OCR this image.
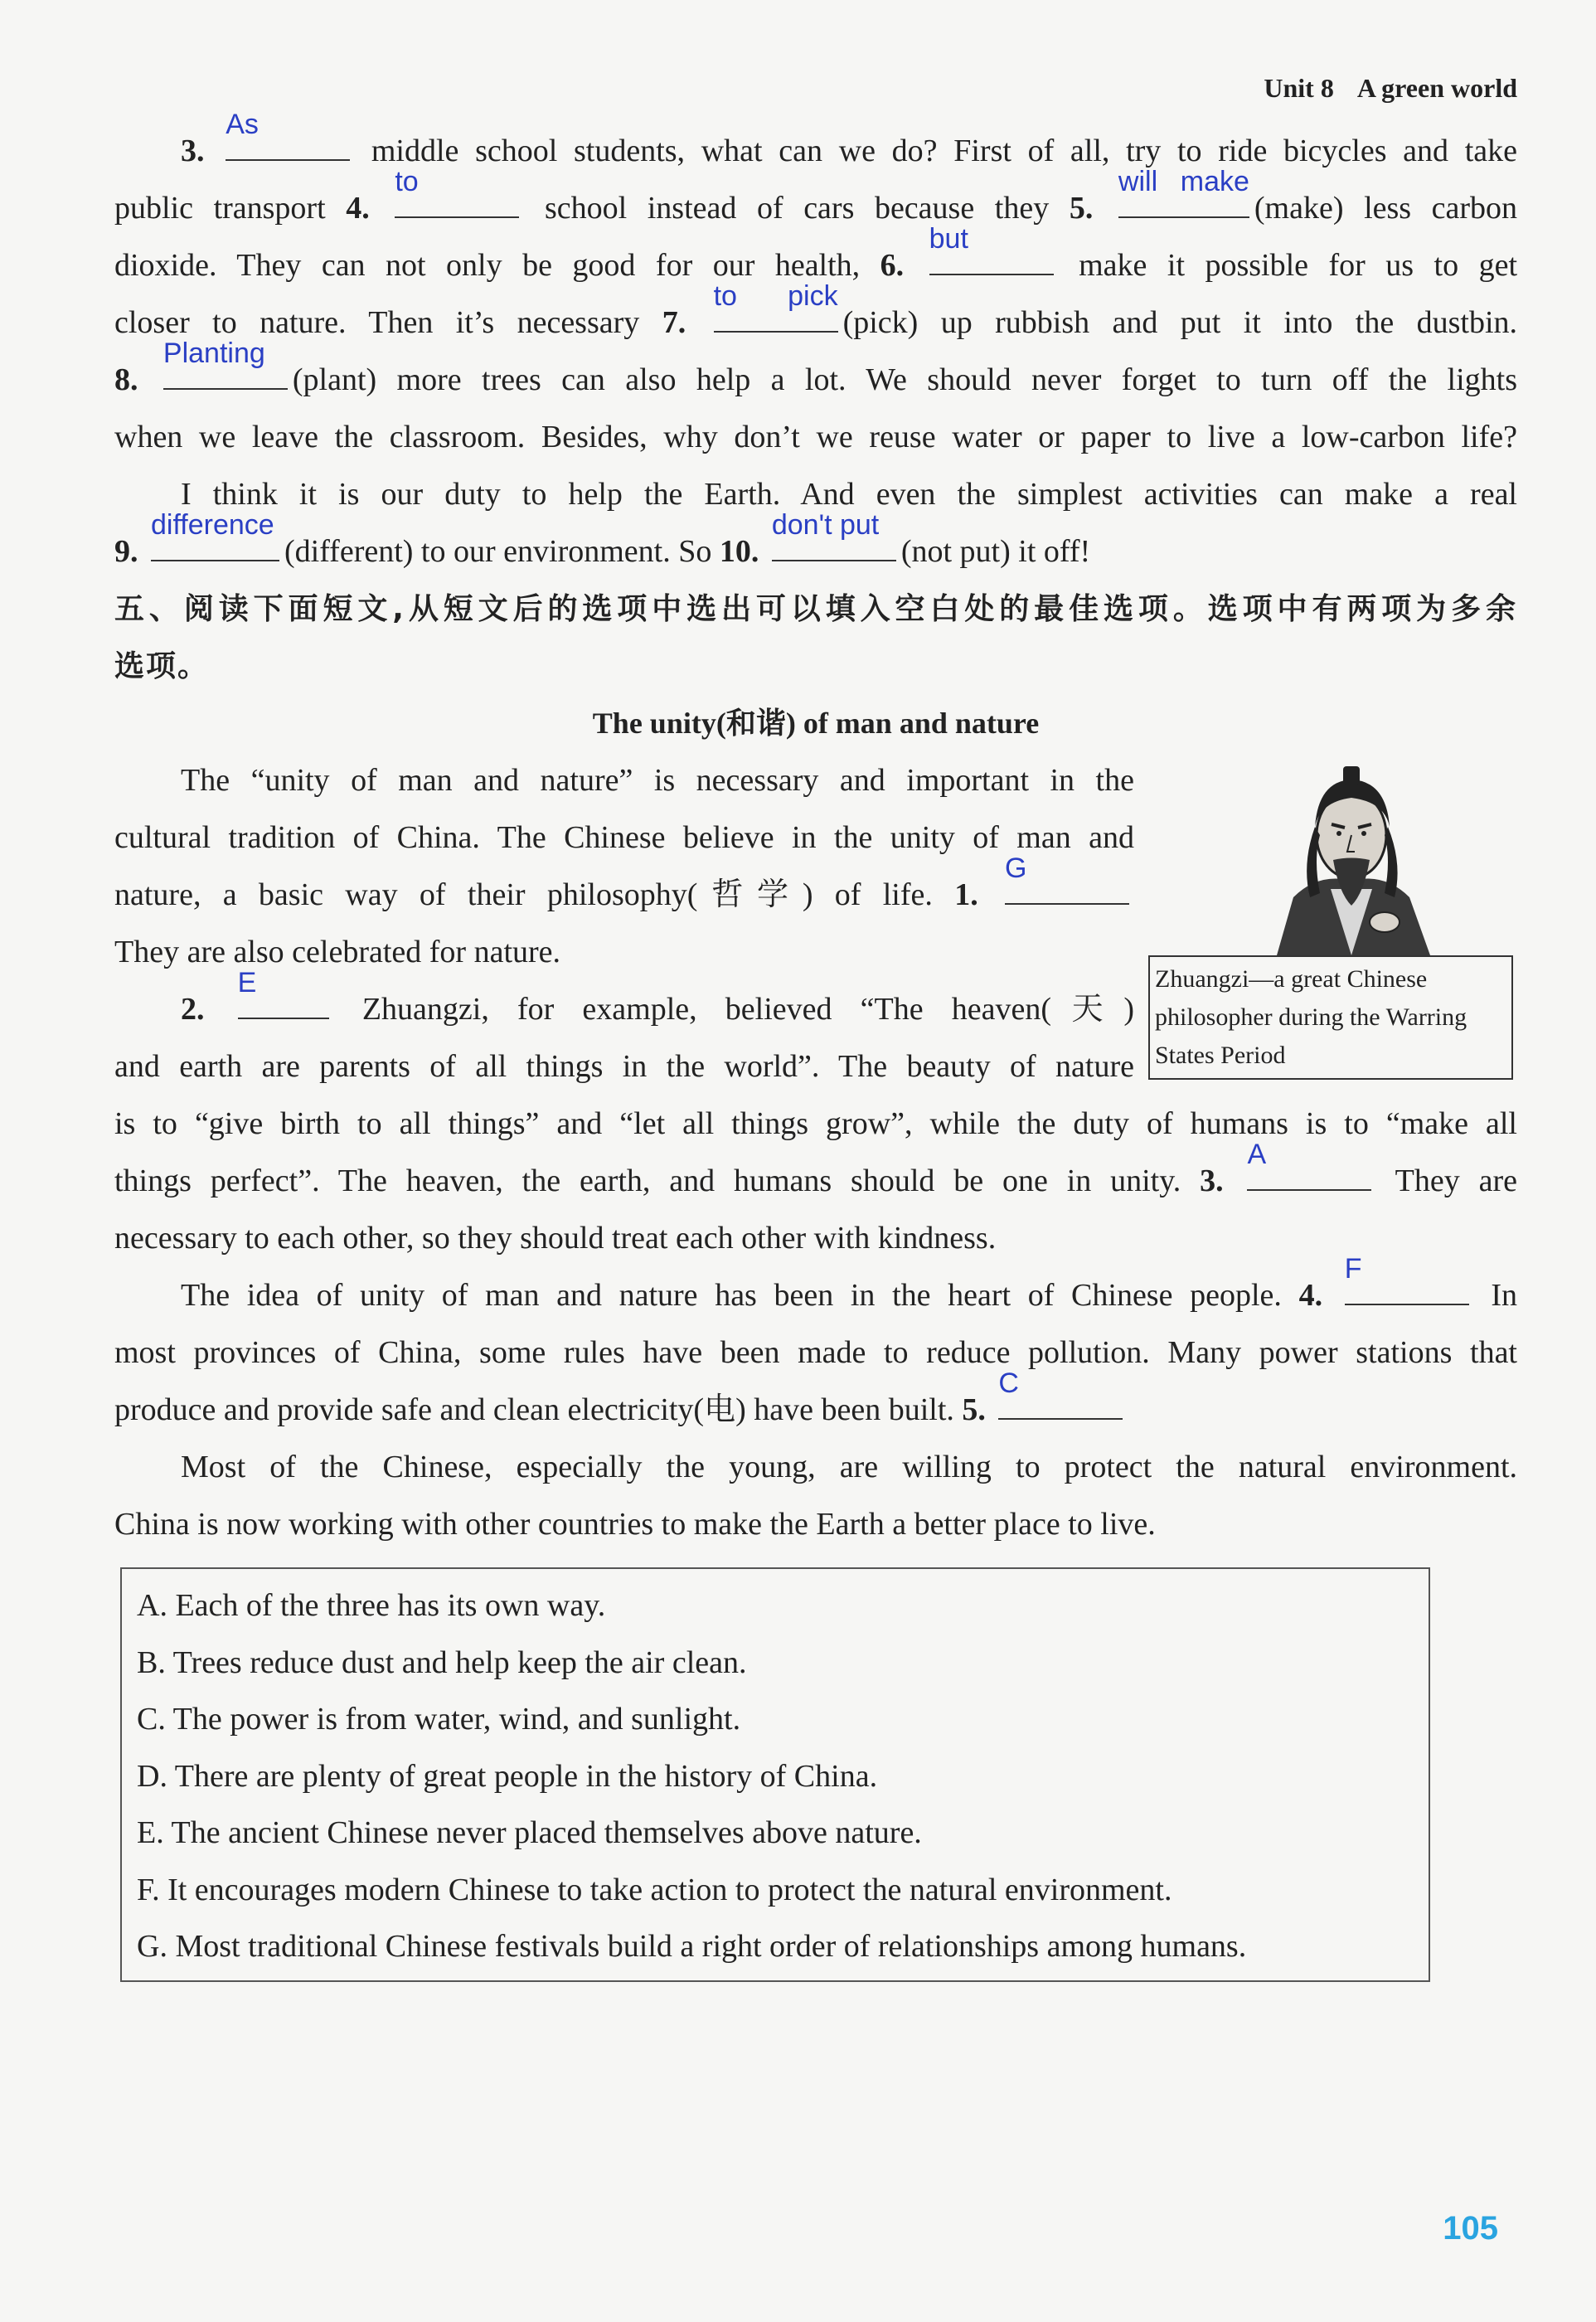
Unit 8 A green world

3.
As
middle school students, what can we do? First of all, try to ride bicycles and take

public transport 4.
to
school instead of cars because they 5.
will make
(make) less carbon

dioxide. They can not only be good for our health, 6.
but
make it possible for us to get

closer to nature. Then it’s necessary 7.
to pick
(pick) up rubbish and put it into the dustbin.

8.
Planting
(plant) more trees can also help a lot. We should never forget to turn off the lights

when we leave the classroom. Besides, why don’t we reuse water or paper to live a low-carbon life?

I think it is our duty to help the Earth. And even the simplest activities can make a real

9.
difference
(different) to our environment. So 10.
don't put
(not put) it off!

五、阅读下面短文,从短文后的选项中选出可以填入空白处的最佳选项。选项中有两项为多余

选项。

The unity(和谐) of man and nature

The “unity of man and nature” is necessary and important in the

cultural tradition of China. The Chinese believe in the unity of man and

nature, a basic way of their philosophy(哲学) of life. 1.
G

They are also celebrated for nature.

2.
E
Zhuangzi, for example, believed “The heaven(天)

and earth are parents of all things in the world”. The beauty of nature

is to “give birth to all things” and “let all things grow”, while the duty of humans is to “make all

things perfect”. The heaven, the earth, and humans should be one in unity. 3.
A
They are

necessary to each other, so they should treat each other with kindness.

The idea of unity of man and nature has been in the heart of Chinese people. 4.
F
In

most provinces of China, some rules have been made to reduce pollution. Many power stations that

produce and provide safe and clean electricity(电) have been built. 5.
C

Most of the Chinese, especially the young, are willing to protect the natural environment.

China is now working with other countries to make the Earth a better place to live.

Zhuangzi—a great Chinese philosopher during the Warring States Period
A. Each of the three has its own way.
B. Trees reduce dust and help keep the air clean.
C. The power is from water, wind, and sunlight.
D. There are plenty of great people in the history of China.
E. The ancient Chinese never placed themselves above nature.
F. It encourages modern Chinese to take action to protect the natural environment.
G. Most traditional Chinese festivals build a right order of relationships among humans.
105
